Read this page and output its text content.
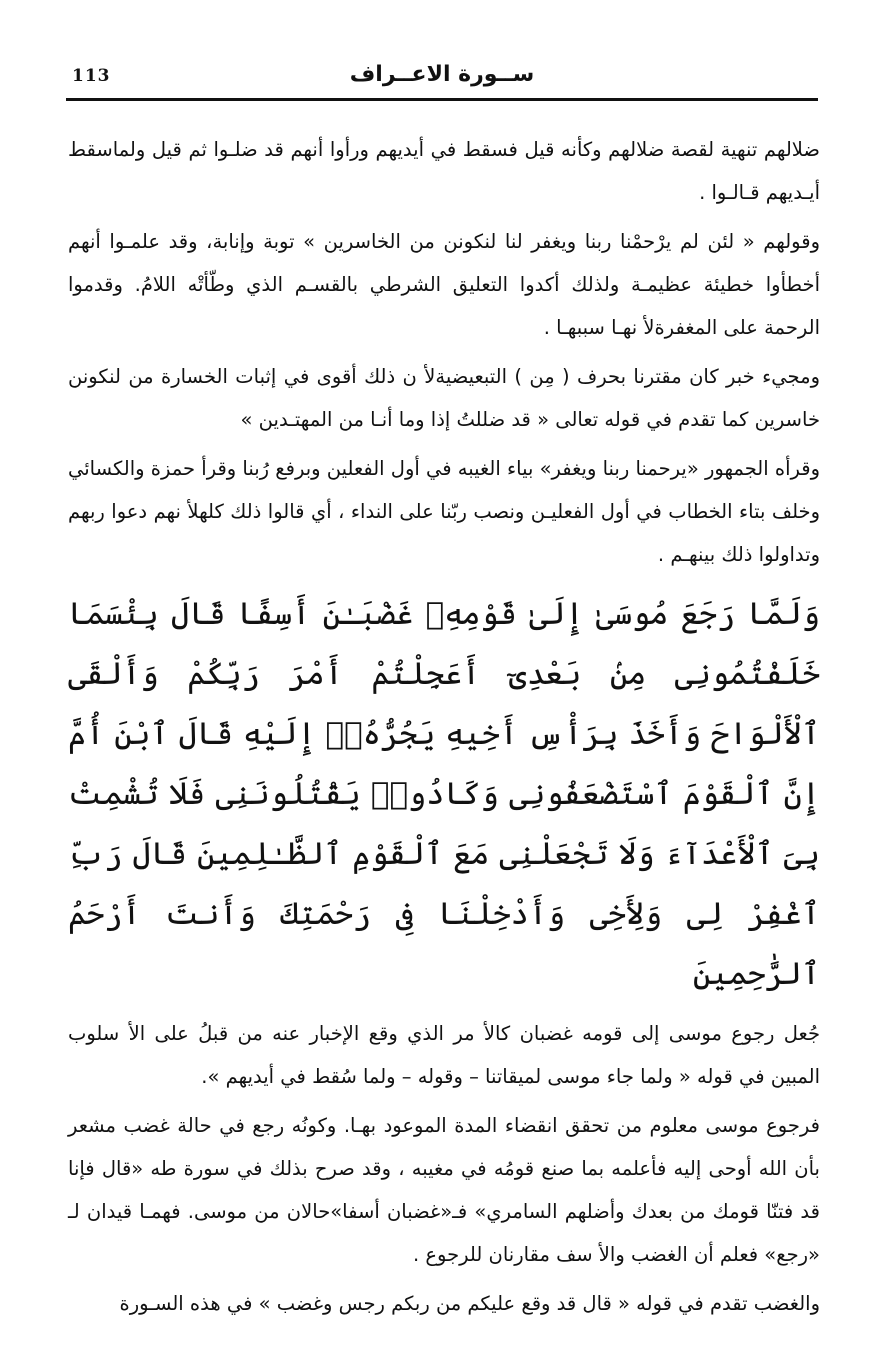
113	ســورة الاعــراف

ضلالهم تنهية لقصة ضلالهم وكأنه قيل فسقط في أيديهم ورأوا أنهم قد ضلـوا ثم قيل ولماسقط أيـديهم قـالـوا .

وقولهم « لئن لم يرْحمْنا ربنا ويغفر لنا لنكونن من الخاسرين » توبة وإنابة، وقد علمـوا أنهم أخطأوا خطيئة عظيمـة ولذلك أكدوا التعليق الشرطي بالقسـم الذي وطّأتْه اللامُ. وقدموا الرحمة على المغفرةلأ نهـا سببهـا .

ومجيء خبر كان مقترنا بحرف ( مِن ) التبعيضيةلأ ن ذلك أقوى في إثبات الخسارة من لنكونن خاسرين كما تقدم في قوله تعالى « قد ضللتُ إذا وما أنـا من المهتـدين »

وقرأه الجمهور «يرحمنا ربنا ويغفر» بياء الغيبه في أول الفعلين وبرفع رُبنا وقرأ حمزة والكسائي وخلف بتاء الخطاب في أول الفعليـن ونصب ربّنا على النداء ، أي قالوا ذلك كلهلأ نهم دعوا ربهم وتداولوا ذلك بينهـم .

وَلَمَّا رَجَعَ مُوسَىٰ إِلَىٰ قَوْمِهِۦ غَضْبَـٰنَ أَسِفًا قَالَ بِئْسَمَا خَلَفْتُمُونِى مِنۢ بَعْدِىٓ أَعَجِلْتُمْ أَمْرَ رَبِّكُمْ وَأَلْقَى ٱلْأَلْوَاحَ وَأَخَذَ بِرَأْسِ أَخِيهِ يَجُرُّهُۥٓ إِلَيْهِ قَالَ ٱبْنَ أُمَّ إِنَّ ٱلْقَوْمَ ٱسْتَضْعَفُونِى وَكَادُوا۟ يَقْتُلُونَنِى فَلَا تُشْمِتْ بِىَ ٱلْأَعْدَآءَ وَلَا تَجْعَلْنِى مَعَ ٱلْقَوْمِ ٱلظَّـٰلِمِينَ قَالَ رَبِّ ٱغْفِرْ لِى وَلِأَخِى وَأَدْخِلْنَا فِى رَحْمَتِكَ وَأَنتَ أَرْحَمُ ٱلرَّٰحِمِينَ

جُعل رجوع موسى إلى قومه غضبان كالأ مر الذي وقع الإخبار عنه من قبلُ على الأ سلوب المبين في قوله « ولما جاء موسى لميقاتنا – وقوله – ولما سُقط في أيديهم ».

فرجوع موسى معلوم من تحقق انقضاء المدة الموعود بهـا. وكونُه رجع في حالة غضب مشعر بأن الله أوحى إليه فأعلمه بما صنع قومُه في مغيبه ، وقد صرح بذلك في سورة طه «قال فإنا قد فتنّا قومك من بعدك وأضلهم السامري» فـ«غضبان أسفا»حالان من موسى. فهمـا قيدان لـ «رجع» فعلم أن الغضب والأ سف مقارنان للرجوع .

والغضب تقدم في قوله « قال قد وقع عليكم من ربكم رجس وغضب » في هذه السـورة
